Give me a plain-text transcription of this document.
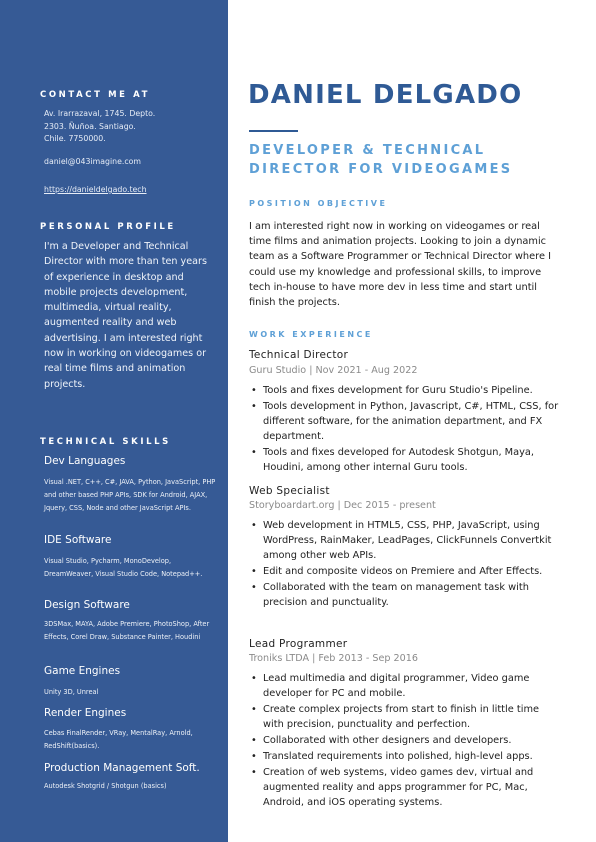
CONTACT ME AT
Av. Irarrazaval, 1745. Depto.
2303. Ñuñoa. Santiago.
Chile. 7750000.
daniel@043imagine.com
https://danieldelgado.tech
PERSONAL PROFILE
I'm a Developer and Technical Director with more than ten years of experience in desktop and mobile projects development, multimedia, virtual reality, augmented reality and web advertising. I am interested right now in working on videogames or real time films and animation projects.
TECHNICAL SKILLS
Dev Languages
Visual .NET, C++, C#, JAVA, Python, JavaScript, PHP and other based PHP APIs, SDK for Android, AJAX, Jquery, CSS, Node and other JavaScript APIs.
IDE Software
Visual Studio, Pycharm, MonoDevelop, DreamWeaver, Visual Studio Code, Notepad++.
Design Software
3DSMax, MAYA, Adobe Premiere, PhotoShop, After Effects, Corel Draw, Substance Painter, Houdini
Game Engines
Unity 3D, Unreal
Render Engines
Cebas FinalRender, VRay, MentalRay, Arnold, RedShift(basics).
Production Management Soft.
Autodesk Shotgrid / Shotgun (basics)
DANIEL DELGADO
DEVELOPER & TECHNICAL DIRECTOR FOR VIDEOGAMES
POSITION OBJECTIVE
I am interested right now in working on videogames or real time films and animation projects. Looking to join a dynamic team as a Software Programmer or Technical Director where I could use my knowledge and professional skills, to improve tech in-house to have more dev in less time and start until finish the projects.
WORK EXPERIENCE
Technical Director
Guru Studio | Nov 2021 - Aug 2022
• Tools and fixes development for Guru Studio's Pipeline.
• Tools development in Python, Javascript, C#, HTML, CSS, for different software, for the animation department, and FX department.
• Tools and fixes developed for Autodesk Shotgun, Maya, Houdini, among other internal Guru tools.
Web Specialist
Storyboardart.org | Dec 2015 - present
• Web development in HTML5, CSS, PHP, JavaScript, using WordPress, RainMaker, LeadPages, ClickFunnels Convertkit among other web APIs.
• Edit and composite videos on Premiere and After Effects.
• Collaborated with the team on management task with precision and punctuality.
Lead Programmer
Troniks LTDA | Feb 2013 - Sep 2016
• Lead multimedia and digital programmer, Video game developer for PC and mobile.
• Create complex projects from start to finish in little time with precision, punctuality and perfection.
• Collaborated with other designers and developers.
• Translated requirements into polished, high-level apps.
• Creation of web systems, video games dev, virtual and augmented reality and apps programmer for PC, Mac, Android, and iOS operating systems.
